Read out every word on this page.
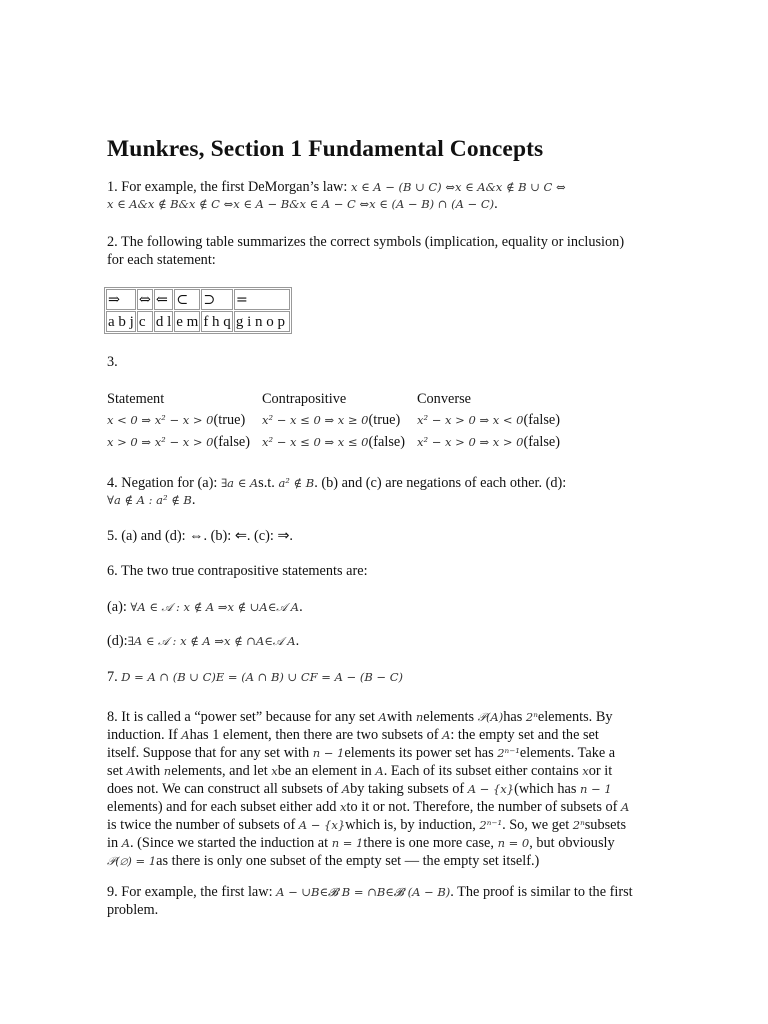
Munkres, Section 1 Fundamental Concepts
1. For example, the first DeMorgan’s law: x ∈ A − (B ∪ C) ⇔x ∈ A&x ∉ B ∪ C ⇔
x ∈ A&x ∉ B&x ∉ C ⇔x ∈ A − B&x ∈ A − C ⇔x ∈ (A − B) ∩ (A − C).
2. The following table summarizes the correct symbols (implication, equality or inclusion)
for each statement:
⇒	⇔	⇐	⊂	⊃	=
a b j	c	d l	e m	f h q	g i n o p
3.
Statement	Contrapositive	Converse
x < 0 ⇒ x² − x > 0(true) x² − x ≤ 0 ⇒ x ≥ 0(true) x² − x > 0 ⇒ x < 0(false)
x > 0 ⇒ x² − x > 0(false) x² − x ≤ 0 ⇒ x ≤ 0(false) x² − x > 0 ⇒ x > 0(false)
4. Negation for (a): ∃a ∈ As.t. a² ∉ B. (b) and (c) are negations of each other. (d):
∀a ∉ A : a² ∉ B.
5. (a) and (d): ⇔. (b): ⇐. (c): ⇒.
6. The two true contrapositive statements are:
(a): ∀A ∈ 𝒜 : x ∉ A ⇒x ∉ ∪A∈𝒜 A.
(d):∃A ∈ 𝒜 : x ∉ A ⇒x ∉ ∩A∈𝒜 A.
7. D = A ∩ (B ∪ C)E = (A ∩ B) ∪ CF = A − (B − C)
8. It is called a “power set” because for any set Awith nelements 𝒫(A)has 2ⁿelements. By
induction. If Ahas 1 element, then there are two subsets of A: the empty set and the set
itself. Suppose that for any set with n − 1elements its power set has 2ⁿ⁻¹elements. Take a
set Awith nelements, and let xbe an element in A. Each of its subset either contains xor it
does not. We can construct all subsets of Aby taking subsets of A − {x}(which has n − 1
elements) and for each subset either add xto it or not. Therefore, the number of subsets of A
is twice the number of subsets of A − {x}which is, by induction, 2ⁿ⁻¹. So, we get 2ⁿsubsets
in A. (Since we started the induction at n = 1there is one more case, n = 0, but obviously
𝒫(∅) = 1as there is only one subset of the empty set — the empty set itself.)
9. For example, the first law: A − ∪B∈𝓑 B = ∩B∈𝓑 (A − B). The proof is similar to the first
problem.
